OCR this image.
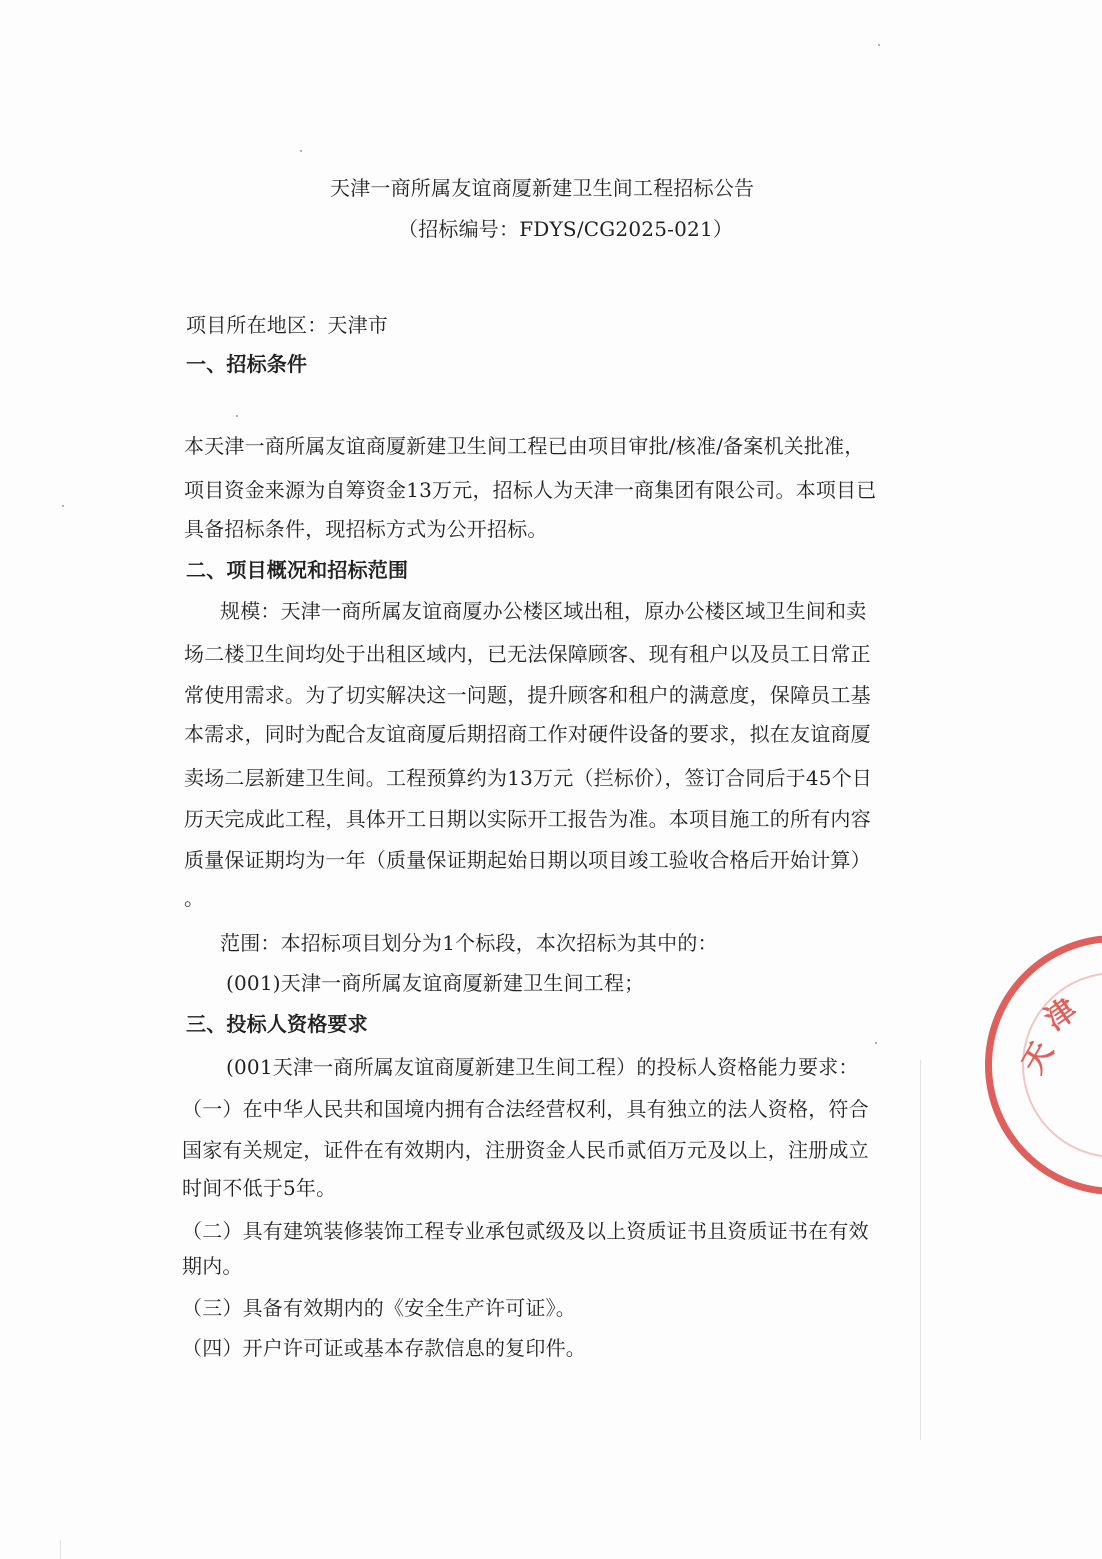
天津一商所属友谊商厦新建卫生间工程招标公告
（招标编号：FDYS/CG2025-021）
项目所在地区：天津市
一、招标条件
本天津一商所属友谊商厦新建卫生间工程已由项目审批/核准/备案机关批准，
项目资金来源为自筹资金13万元，招标人为天津一商集团有限公司。本项目已
具备招标条件，现招标方式为公开招标。
二、项目概况和招标范围
规模：天津一商所属友谊商厦办公楼区域出租，原办公楼区域卫生间和卖
场二楼卫生间均处于出租区域内，已无法保障顾客、现有租户以及员工日常正
常使用需求。为了切实解决这一问题，提升顾客和租户的满意度，保障员工基
本需求，同时为配合友谊商厦后期招商工作对硬件设备的要求，拟在友谊商厦
卖场二层新建卫生间。工程预算约为13万元（拦标价），签订合同后于45个日
历天完成此工程，具体开工日期以实际开工报告为准。本项目施工的所有内容
质量保证期均为一年（质量保证期起始日期以项目竣工验收合格后开始计算）
。
范围：本招标项目划分为1个标段，本次招标为其中的：
(001)天津一商所属友谊商厦新建卫生间工程；
三、投标人资格要求
(001天津一商所属友谊商厦新建卫生间工程）的投标人资格能力要求：
（一）在中华人民共和国境内拥有合法经营权利，具有独立的法人资格，符合
国家有关规定，证件在有效期内，注册资金人民币贰佰万元及以上，注册成立
时间不低于5年。
（二）具有建筑装修装饰工程专业承包贰级及以上资质证书且资质证书在有效
期内。
（三）具备有效期内的《安全生产许可证》。
（四）开户许可证或基本存款信息的复印件。
天
津
